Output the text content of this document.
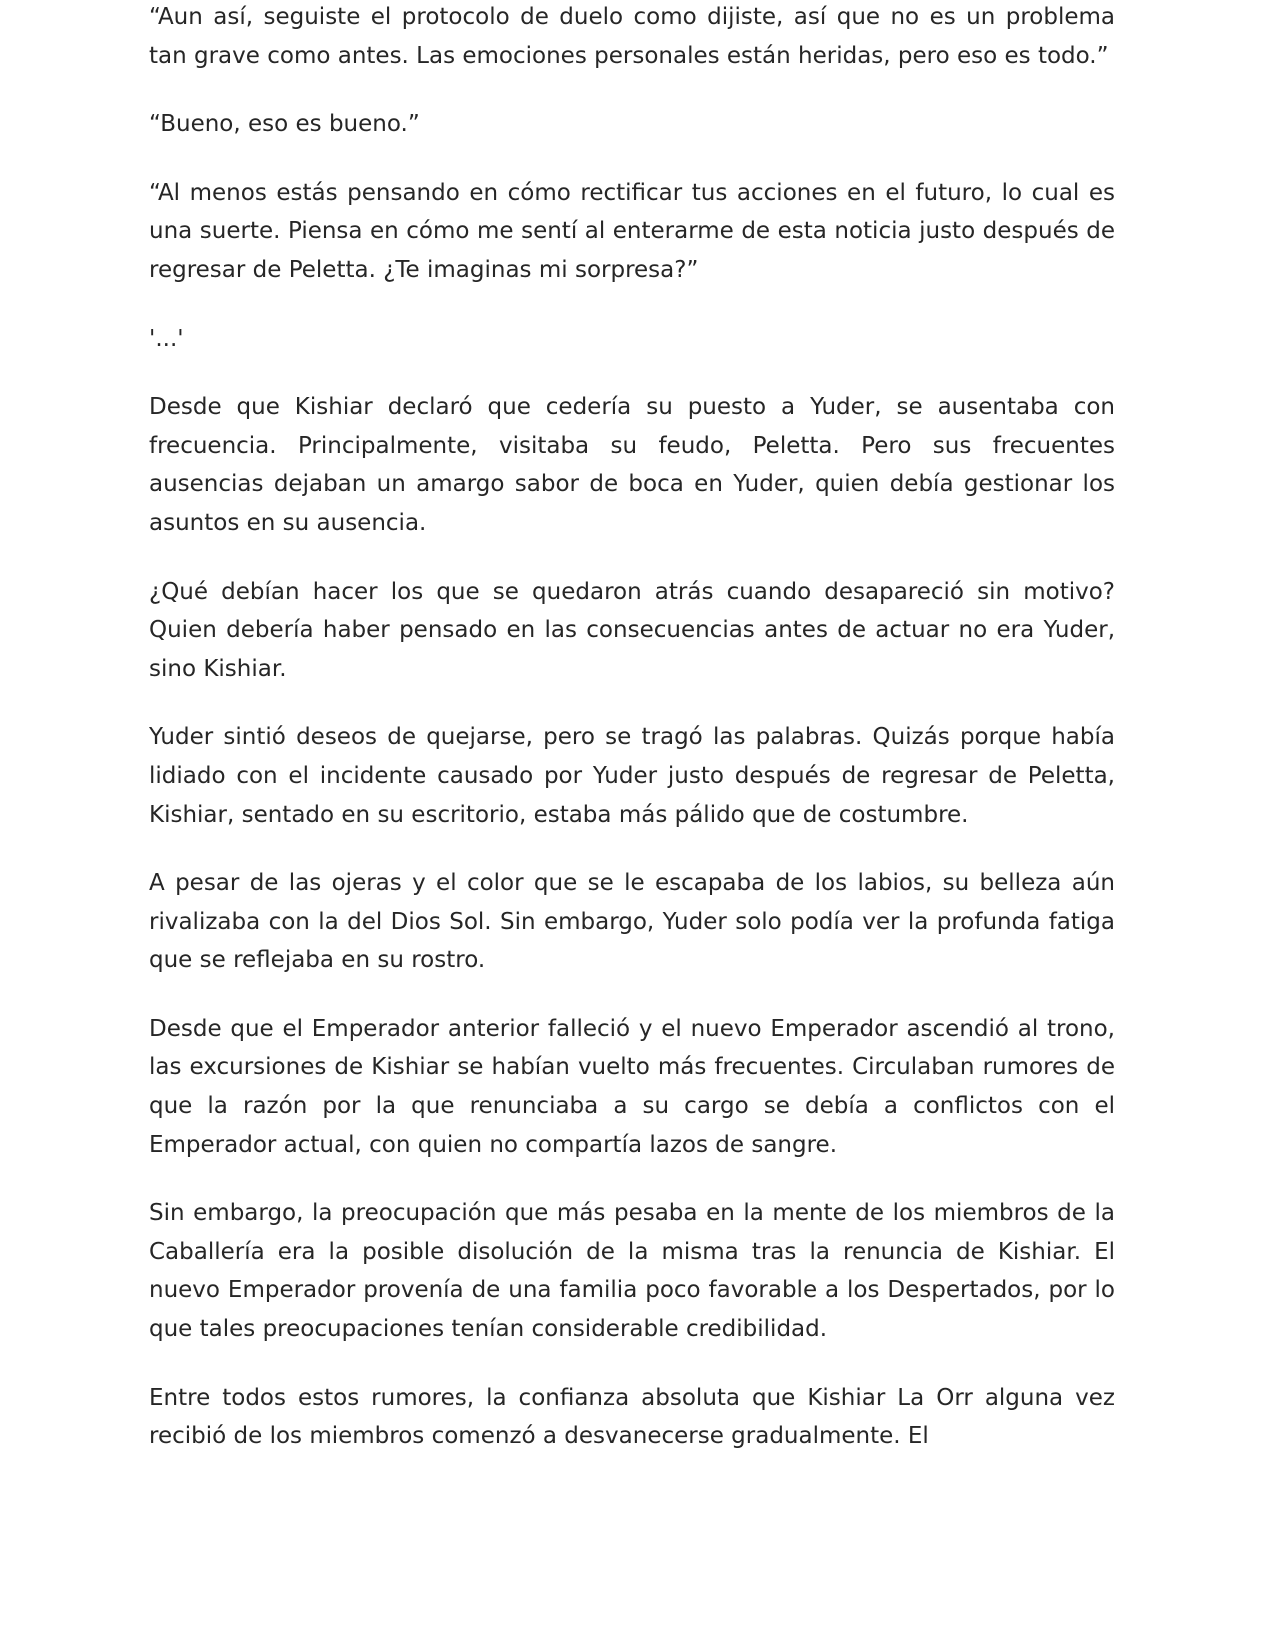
“Aun así, seguiste el protocolo de duelo como dijiste, así que no es un problema tan grave como antes. Las emociones personales están heridas, pero eso es todo.”

“Bueno, eso es bueno.”

“Al menos estás pensando en cómo rectificar tus acciones en el futuro, lo cual es una suerte. Piensa en cómo me sentí al enterarme de esta noticia justo después de regresar de Peletta. ¿Te imaginas mi sorpresa?”

'...'

Desde que Kishiar declaró que cedería su puesto a Yuder, se ausentaba con frecuencia. Principalmente, visitaba su feudo, Peletta. Pero sus frecuentes ausencias dejaban un amargo sabor de boca en Yuder, quien debía gestionar los asuntos en su ausencia.

¿Qué debían hacer los que se quedaron atrás cuando desapareció sin motivo? Quien debería haber pensado en las consecuencias antes de actuar no era Yuder, sino Kishiar.

Yuder sintió deseos de quejarse, pero se tragó las palabras. Quizás porque había lidiado con el incidente causado por Yuder justo después de regresar de Peletta, Kishiar, sentado en su escritorio, estaba más pálido que de costumbre.

A pesar de las ojeras y el color que se le escapaba de los labios, su belleza aún rivalizaba con la del Dios Sol. Sin embargo, Yuder solo podía ver la profunda fatiga que se reflejaba en su rostro.

Desde que el Emperador anterior falleció y el nuevo Emperador ascendió al trono, las excursiones de Kishiar se habían vuelto más frecuentes. Circulaban rumores de que la razón por la que renunciaba a su cargo se debía a conflictos con el Emperador actual, con quien no compartía lazos de sangre.

Sin embargo, la preocupación que más pesaba en la mente de los miembros de la Caballería era la posible disolución de la misma tras la renuncia de Kishiar. El nuevo Emperador provenía de una familia poco favorable a los Despertados, por lo que tales preocupaciones tenían considerable credibilidad.

Entre todos estos rumores, la confianza absoluta que Kishiar La Orr alguna vez recibió de los miembros comenzó a desvanecerse gradualmente. El
